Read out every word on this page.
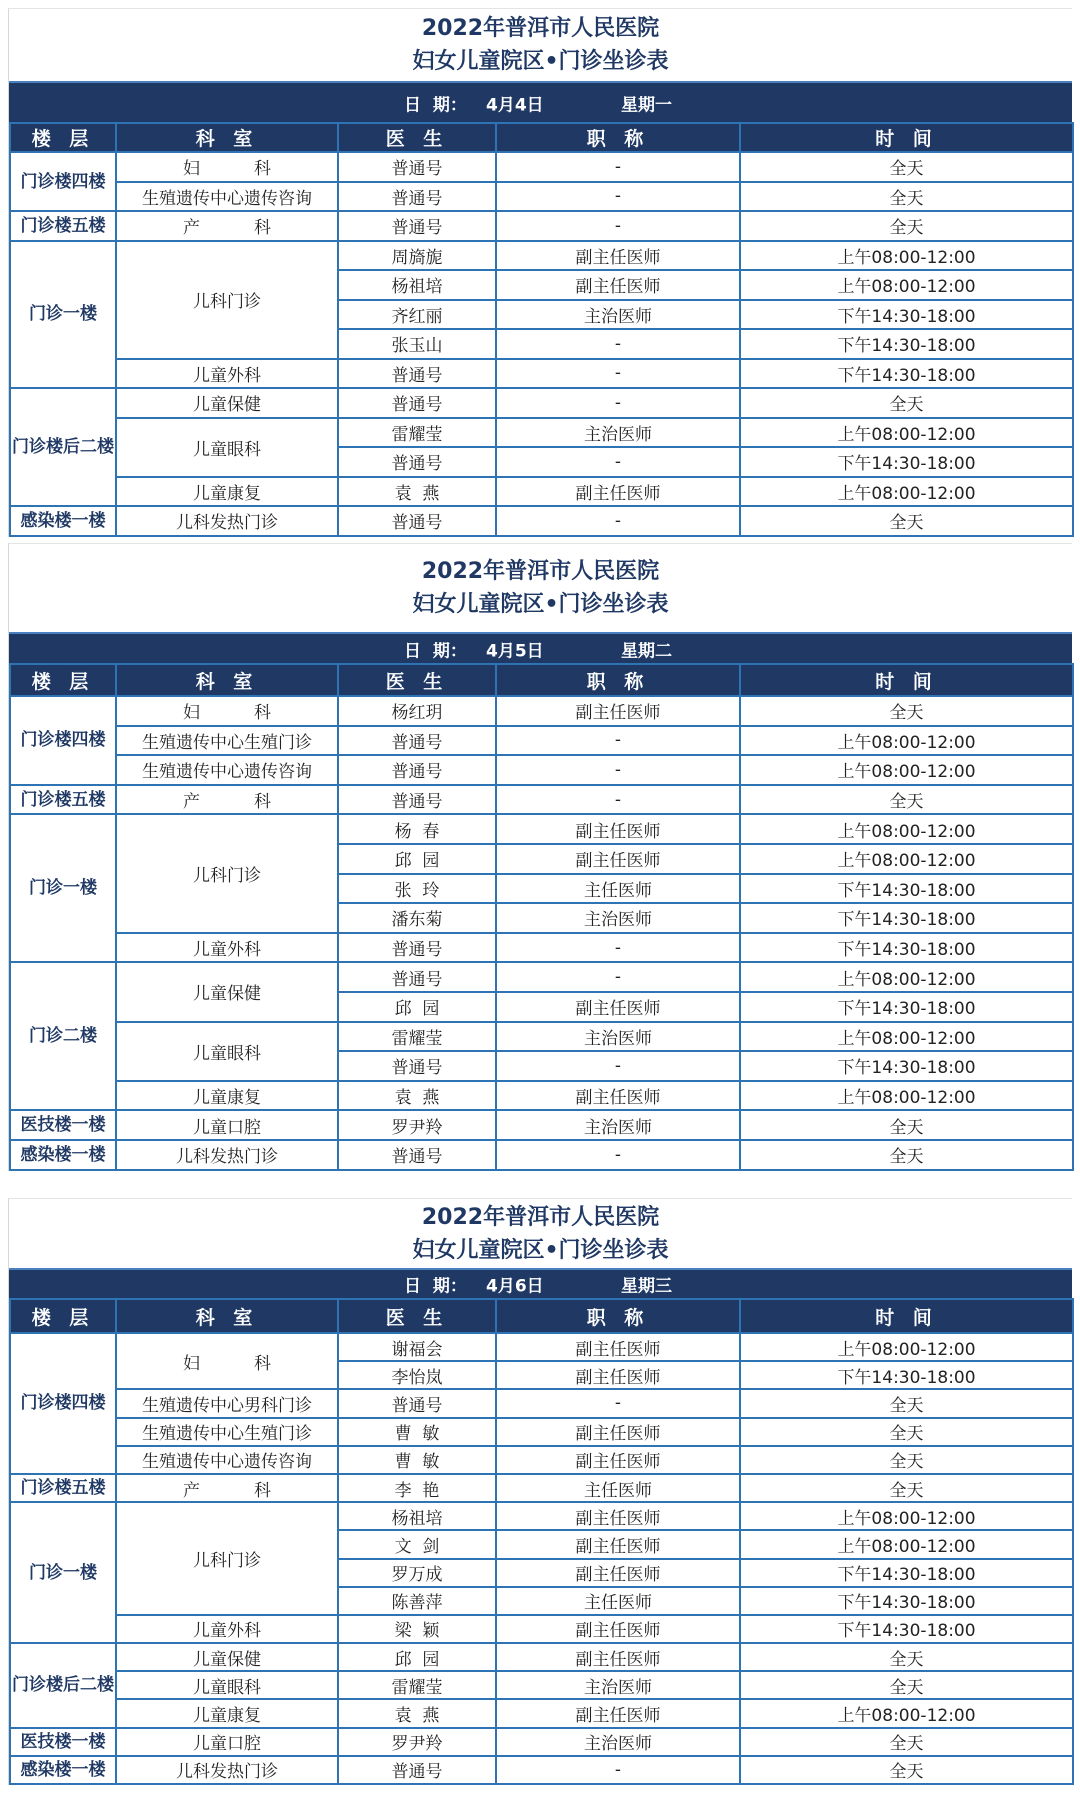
2022年普洱市人民医院
妇女儿童院区•门诊坐诊表
日  期： 4月4日	星期一
楼 层	科 室	医 生	职 称	时 间
门诊楼四楼	妇          科	普通号	-	全天
	生殖遗传中心遗传咨询	普通号	-	全天
门诊楼五楼	产          科	普通号	-	全天
门诊一楼	儿科门诊	周旖旎	副主任医师	上午08:00-12:00
		杨祖培	副主任医师	上午08:00-12:00
		齐红丽	主治医师	下午14:30-18:00
		张玉山	-	下午14:30-18:00
	儿童外科	普通号	-	下午14:30-18:00
门诊楼后二楼	儿童保健	普通号	-	全天
	儿童眼科	雷耀莹	主治医师	上午08:00-12:00
		普通号	-	下午14:30-18:00
	儿童康复	袁  燕	副主任医师	上午08:00-12:00
感染楼一楼	儿科发热门诊	普通号	-	全天
2022年普洱市人民医院
妇女儿童院区•门诊坐诊表
日  期： 4月5日	星期二
楼 层	科 室	医 生	职 称	时 间
门诊楼四楼	妇          科	杨红玥	副主任医师	全天
	生殖遗传中心生殖门诊	普通号	-	上午08:00-12:00
	生殖遗传中心遗传咨询	普通号	-	上午08:00-12:00
门诊楼五楼	产          科	普通号	-	全天
门诊一楼	儿科门诊	杨  春	副主任医师	上午08:00-12:00
		邱  园	副主任医师	上午08:00-12:00
		张  玲	主任医师	下午14:30-18:00
		潘东菊	主治医师	下午14:30-18:00
	儿童外科	普通号	-	下午14:30-18:00
门诊二楼	儿童保健	普通号	-	上午08:00-12:00
		邱  园	副主任医师	下午14:30-18:00
	儿童眼科	雷耀莹	主治医师	上午08:00-12:00
		普通号	-	下午14:30-18:00
	儿童康复	袁  燕	副主任医师	上午08:00-12:00
医技楼一楼	儿童口腔	罗尹羚	主治医师	全天
感染楼一楼	儿科发热门诊	普通号	-	全天
2022年普洱市人民医院
妇女儿童院区•门诊坐诊表
日  期： 4月6日	星期三
楼 层	科 室	医 生	职 称	时 间
门诊楼四楼	妇          科	谢福会	副主任医师	上午08:00-12:00
		李怡岚	副主任医师	下午14:30-18:00
	生殖遗传中心男科门诊	普通号	-	全天
	生殖遗传中心生殖门诊	曹  敏	副主任医师	全天
	生殖遗传中心遗传咨询	曹  敏	副主任医师	全天
门诊楼五楼	产          科	李  艳	主任医师	全天
门诊一楼	儿科门诊	杨祖培	副主任医师	上午08:00-12:00
		文  剑	副主任医师	上午08:00-12:00
		罗万成	副主任医师	下午14:30-18:00
		陈善萍	主任医师	下午14:30-18:00
	儿童外科	梁  颖	副主任医师	下午14:30-18:00
门诊楼后二楼	儿童保健	邱  园	副主任医师	全天
	儿童眼科	雷耀莹	主治医师	全天
	儿童康复	袁  燕	副主任医师	上午08:00-12:00
医技楼一楼	儿童口腔	罗尹羚	主治医师	全天
感染楼一楼	儿科发热门诊	普通号	-	全天
